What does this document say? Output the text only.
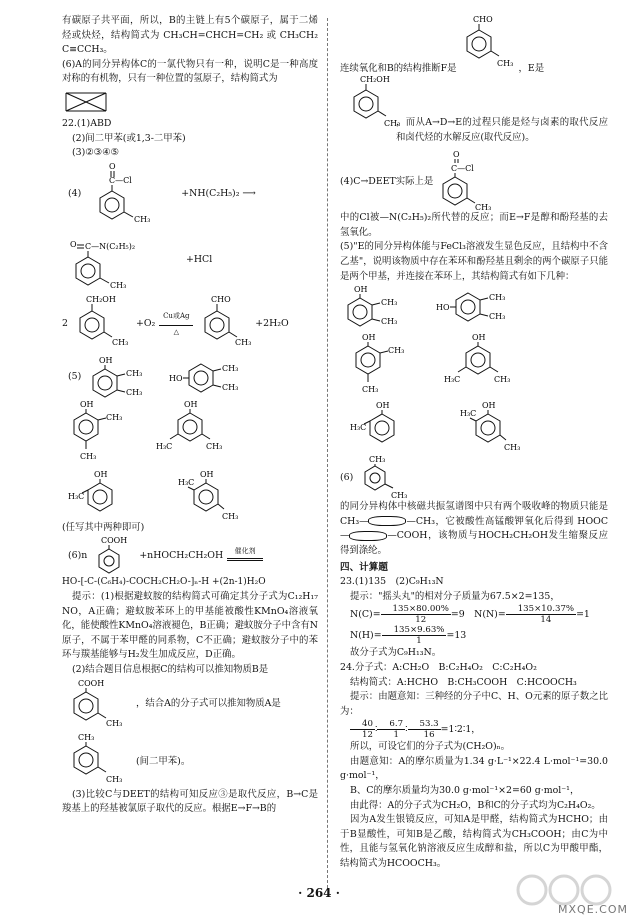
有碳原子共平面，所以，B的主链上有5个碳原子，属于二烯烃或炔烃，结构简式为 CH₃CH=CHCH=CH₂ 或 CH₃CH₂C≡CCH₃。

(6)A的同分异构体C的一氯代物只有一种，说明C是一种高度对称的有机物，只有一种位置的氢原子，结构简式为

22.(1)ABD

(2)间二甲苯(或1,3-二甲苯)

(3)②③④⑤

(4)
O
C—Cl
CH₃
+NH(C₂H₅)₂ ⟶
O C—N(C₂H₅)₂
CH₃
+HCl
2
CH₂OH
CH₃
+O₂
Cu或Ag

△
CHO
CH₃
+2H₂O
(5)
OH
CH₃
CH₃
HO
CH₃
CH₃
OH
CH₃
CH₃
OH
H₃C	CH₃
OH
H₃C
OH
H₃C
CH₃

(任写其中两种即可)

(6)n
COOH
+nHOCH₂CH₂OH	催化剂

HO-[-C-(C₆H₄)-COCH₂CH₂O-]ₙ-H +(2n-1)H₂O

提示：(1)根据避蚊胺的结构简式可确定其分子式为C₁₂H₁₇NO，A正确；避蚊胺苯环上的甲基能被酸性KMnO₄溶液氧化，能使酸性KMnO₄溶液褪色，B正确；避蚊胺分子中含有N原子，不属于苯甲醛的同系物，C不正确；避蚊胺分子中的苯环与羰基能够与H₂发生加成反应，D正确。

(2)结合题目信息根据C的结构可以推知物质B是

COOH
CH₃
，结合A的分子式可以推知物质A是
CH₃
CH₃
(间二甲苯)。

(3)比较C与DEET的结构可知反应③是取代反应，B→C是羧基上的羟基被氯原子取代的反应。根据E→F→B的

连续氧化和B的结构推断F是
CHO
CH₃ ，E是
CH₂OH
CH₃

，而从A→D→E的过程只能是烃与卤素的取代反应和卤代烃的水解反应(取代反应)。

(4)C→DEET实际上是
O
C—Cl
CH₃

中的Cl被—N(C₂H₅)₂所代替的反应；而E→F是醇和酚羟基的去氢氧化。

(5)"E的同分异构体能与FeCl₃溶液发生显色反应，且结构中不含乙基"，说明该物质中存在苯环和酚羟基且剩余的两个碳原子只能是两个甲基，并连接在苯环上，其结构简式有如下几种：

OH
CH₃
CH₃
HO
CH₃
CH₃
OH
CH₃
CH₃
OH
H₃C	CH₃
OH
H₃C
OH
H₃C
CH₃
(6)
CH₃
CH₃

的同分异构体中核磁共振氢谱图中只有两个吸收峰的物质只能是 CH₃—	—CH₃，它被酸性高锰酸钾氧化后得到 HOOC—	—COOH，该物质与HOCH₂CH₂OH发生缩聚反应得到涤纶。

四、计算题

23.(1)135　(2)C₉H₁₃N

提示："摇头丸"的相对分子质量为67.5×2=135，

$N(C)= \frac{135\times 80.00\%}{12} =9$　$N(N)= \frac{135\times 10.37\%}{14} =1$

$N(H)= \frac{135\times 9.63\%}{1} =13$

故分子式为C₉H₁₃N。

24.分子式：A:CH₂O　B:C₂H₄O₂　C:C₂H₄O₂

结构简式：A:HCHO　B:CH₃COOH　C:HCOOCH₃

提示：由题意知：三种经的分子中C、H、O元素的原子数之比为：

$\frac{40}{12}$ ∶ $\frac{6.7}{1}$ ∶ $\frac{53.3}{16}$ =1∶2∶1，

所以，可设它们的分子式为(CH₂O)ₙ。

由题意知：A的摩尔质量为1.34 g·L⁻¹×22.4 L·mol⁻¹=30.0 g·mol⁻¹，

B、C的摩尔质量均为30.0 g·mol⁻¹×2=60 g·mol⁻¹，

由此得：A的分子式为CH₂O，B和C的分子式均为C₂H₄O₂。

因为A发生银镜反应，可知A是甲醛，结构简式为HCHO；由于B显酸性，可知B是乙酸，结构简式为CH₃COOH；由C为中性，且能与氢氧化钠溶液反应生成醇和盐，所以C为甲酸甲酯，结构简式为HCOOCH₃。

· 264 ·
MXQE.COM
